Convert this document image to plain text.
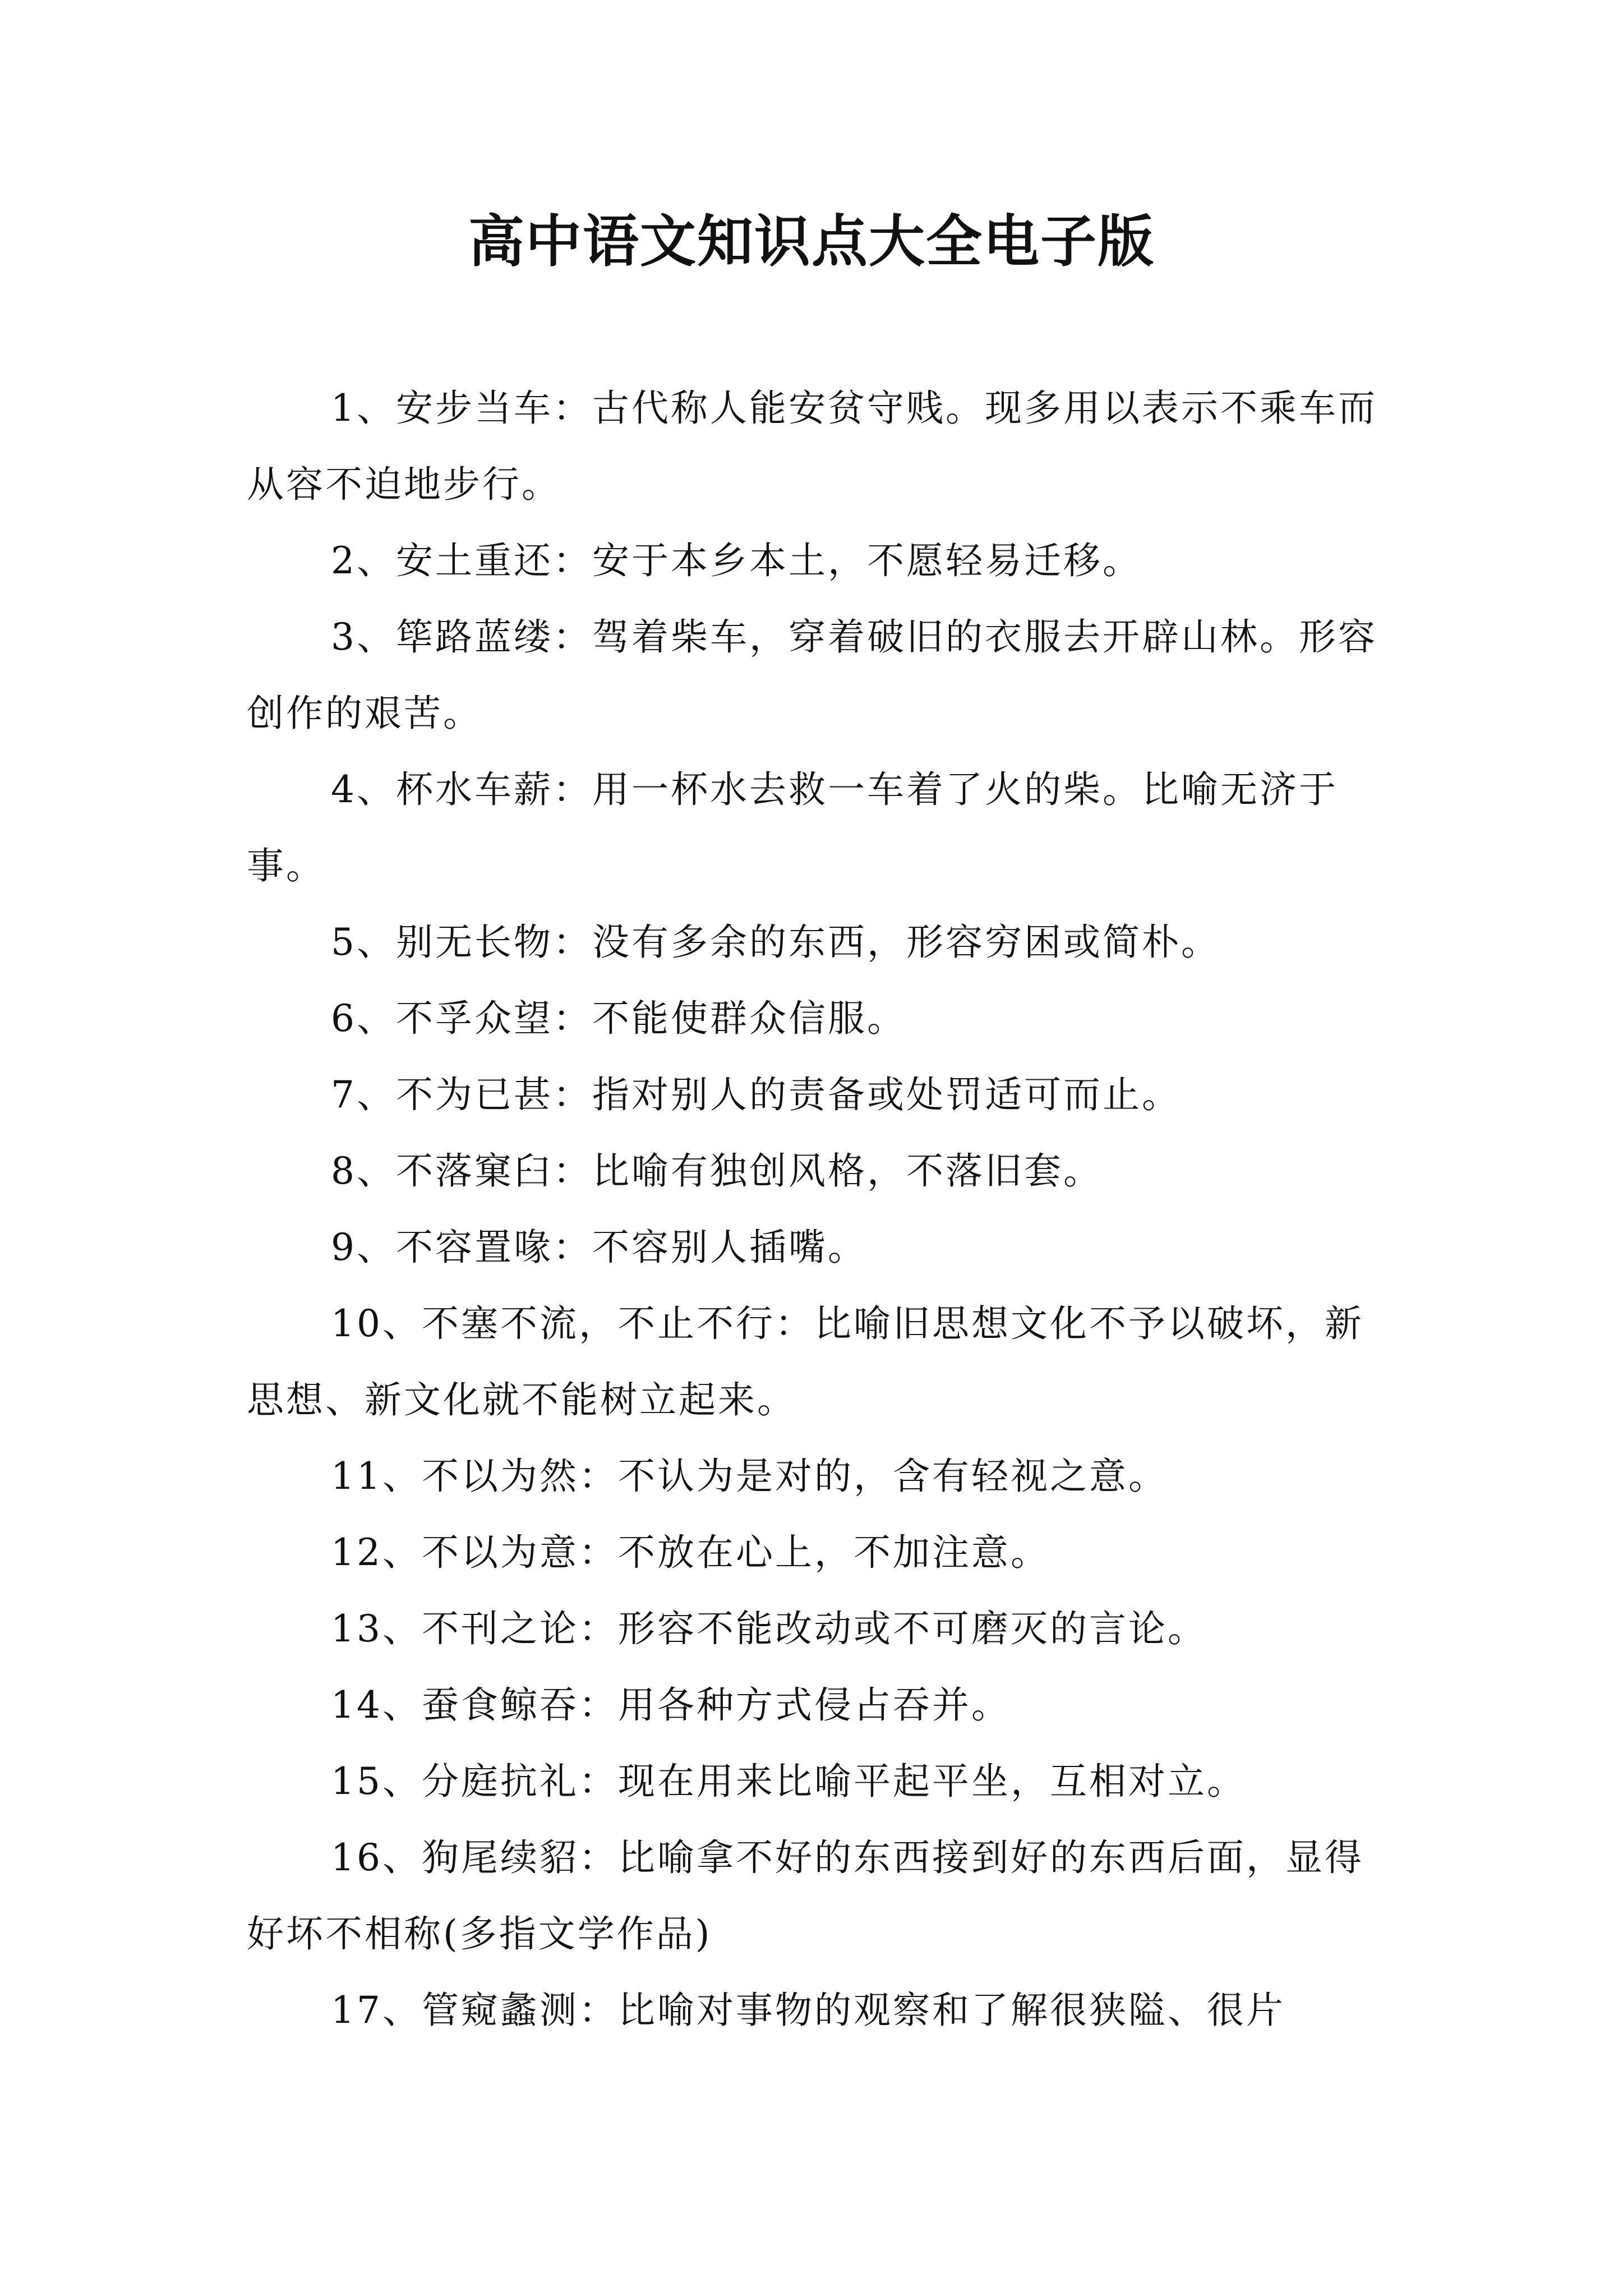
高中语文知识点大全电子版

1、安步当车：古代称人能安贫守贱。现多用以表示不乘车而从容不迫地步行。

2、安土重还：安于本乡本土，不愿轻易迁移。

3、筚路蓝缕：驾着柴车，穿着破旧的衣服去开辟山林。形容创作的艰苦。

4、杯水车薪：用一杯水去救一车着了火的柴。比喻无济于事。

5、别无长物：没有多余的东西，形容穷困或简朴。

6、不孚众望：不能使群众信服。

7、不为已甚：指对别人的责备或处罚适可而止。

8、不落窠臼：比喻有独创风格，不落旧套。

9、不容置喙：不容别人插嘴。

10、不塞不流，不止不行：比喻旧思想文化不予以破坏，新思想、新文化就不能树立起来。

11、不以为然：不认为是对的，含有轻视之意。

12、不以为意：不放在心上，不加注意。

13、不刊之论：形容不能改动或不可磨灭的言论。

14、蚕食鲸吞：用各种方式侵占吞并。

15、分庭抗礼：现在用来比喻平起平坐，互相对立。

16、狗尾续貂：比喻拿不好的东西接到好的东西后面，显得好坏不相称(多指文学作品)

17、管窥蠡测：比喻对事物的观察和了解很狭隘、很片
